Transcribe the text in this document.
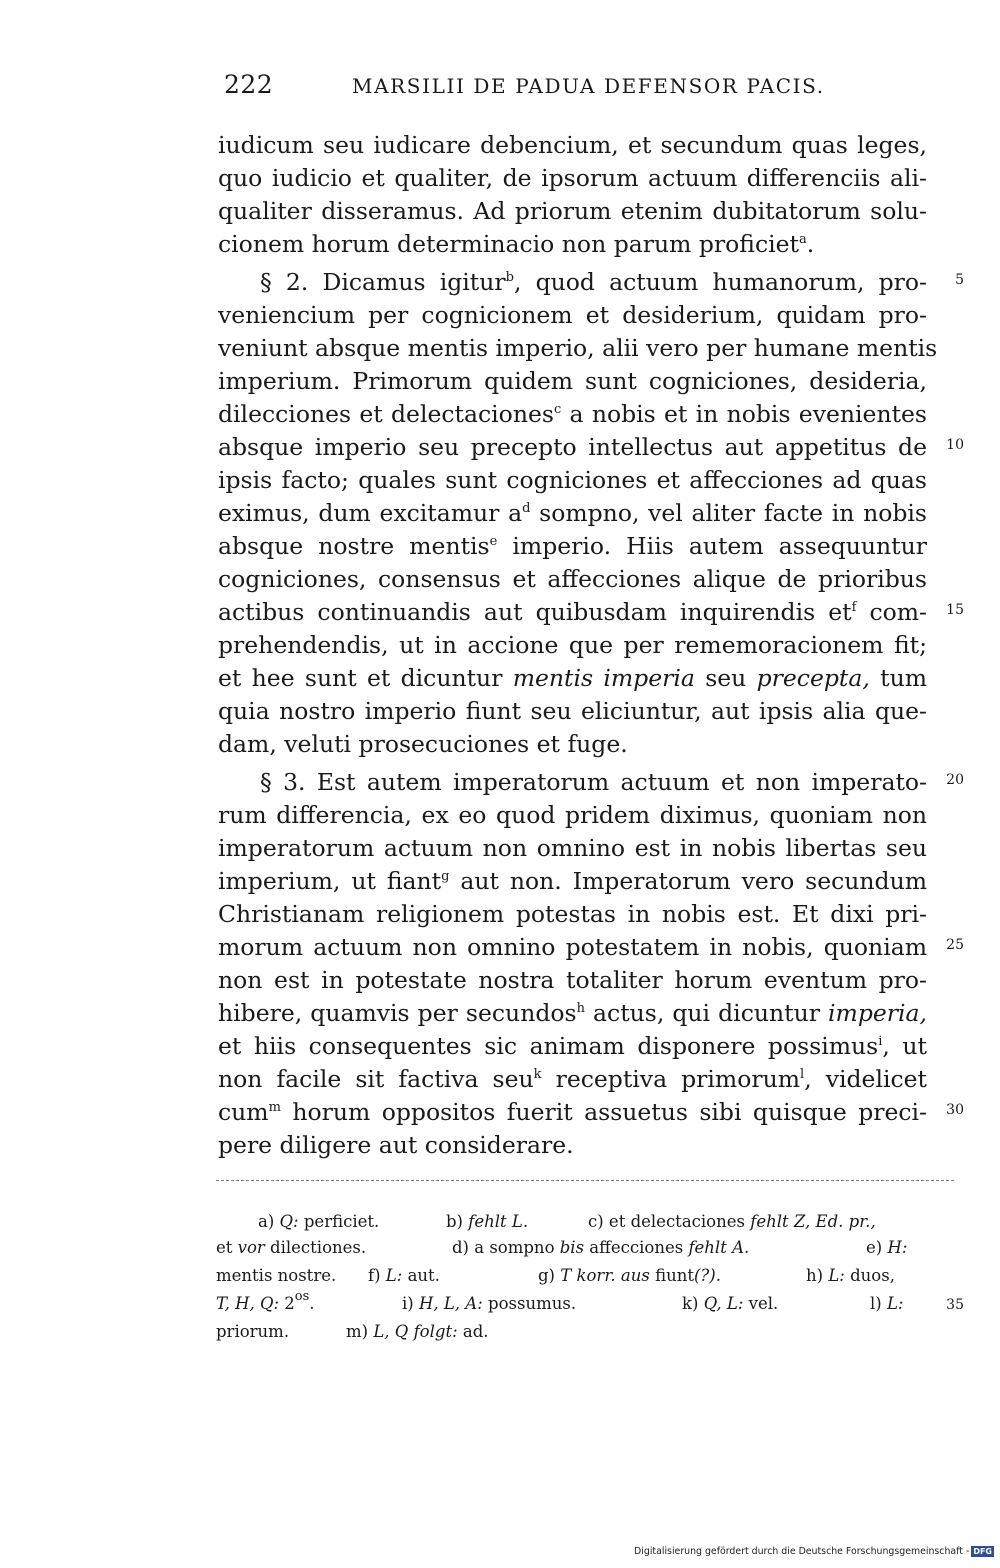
222	MARSILII DE PADUA DEFENSOR PACIS.
iudicum seu iudicare debencium, et secundum quas leges,
quo iudicio et qualiter, de ipsorum actuum differenciis ali-
qualiter disseramus. Ad priorum etenim dubitatorum solu-
cionem horum determinacio non parum proficiet$^a$.
§ 2. Dicamus igitur$^b$, quod actuum humanorum, pro-
veniencium per cognicionem et desiderium, quidam pro-
veniunt absque mentis imperio, alii vero per humane mentis
imperium. Primorum quidem sunt cogniciones, desideria,
dilecciones et delectaciones$^c$ a nobis et in nobis evenientes
absque imperio seu precepto intellectus aut appetitus de
ipsis facto; quales sunt cogniciones et affecciones ad quas
eximus, dum excitamur $a^d$ sompno, vel aliter facte in nobis
absque nostre mentis$^e$ imperio. Hiis autem assequuntur
cogniciones, consensus et affecciones alique de prioribus
actibus continuandis aut quibusdam inquirendis $et^f$ com-
prehendendis, ut in accione que per rememoracionem fit;
et hee sunt et dicuntur mentis imperia seu precepta, tum
quia nostro imperio fiunt seu eliciuntur, aut ipsis alia que-
dam, veluti prosecuciones et fuge.
§ 3. Est autem imperatorum actuum et non imperato-
rum differencia, ex eo quod pridem diximus, quoniam non
imperatorum actuum non omnino est in nobis libertas seu
imperium, ut fiant$^g$ aut non. Imperatorum vero secundum
Christianam religionem potestas in nobis est. Et dixi pri-
morum actuum non omnino potestatem in nobis, quoniam
non est in potestate nostra totaliter horum eventum pro-
hibere, quamvis per secundos$^h$ actus, qui dicuntur imperia,
et hiis consequentes sic animam disponere possimus$^i$, ut
non facile sit factiva seu$^k$ receptiva primorum$^l$, videlicet
cum$^m$ horum oppositos fuerit assuetus sibi quisque preci-
pere diligere aut considerare.
5
10
15
20
25
30
35
a) Q: perficiet.	b) fehlt L.	c) et delectaciones fehlt Z, Ed. pr.,
et vor dilectiones.	d) a sompno bis affecciones fehlt A.	e) H:
mentis nostre. f) L: aut.	g) T korr. aus fiunt(?).	h) L: duos,
T, H, Q: $2^{os}$.	i) H, L, A: possumus.	k) Q, L: vel.	l) L:
priorum.	m) L, Q folgt: ad.
Digitalisierung gefördert durch die Deutsche Forschungsgemeinschaft - DFG
